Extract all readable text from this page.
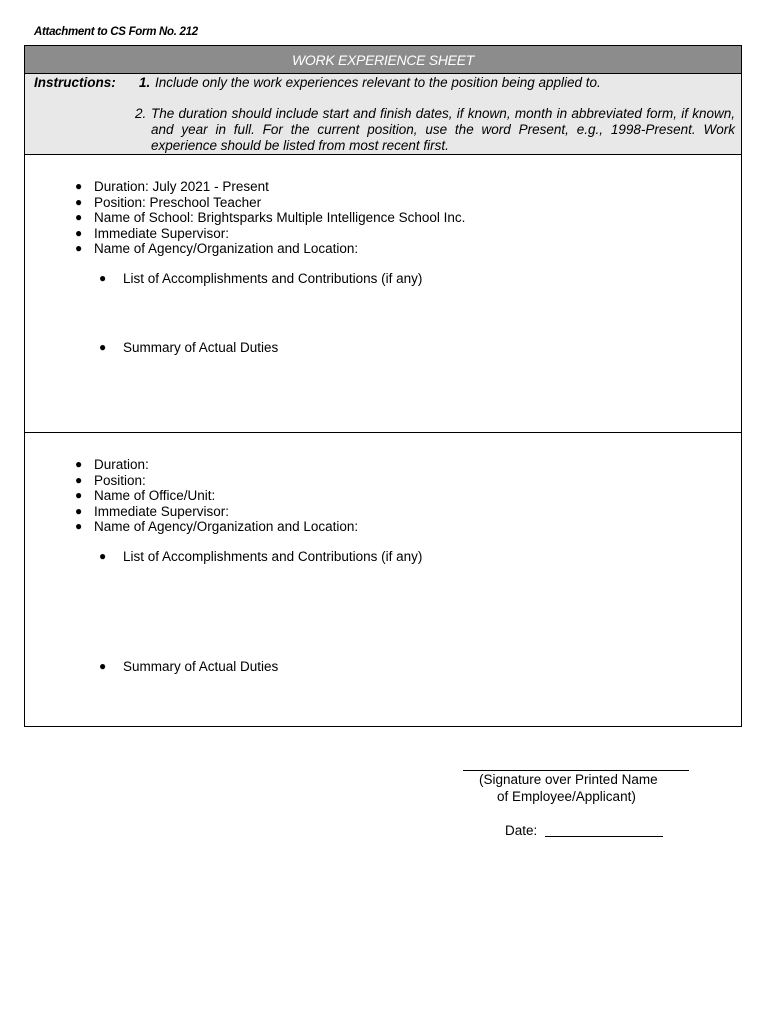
Attachment to CS Form No. 212
WORK EXPERIENCE SHEET
Instructions: 1. Include only the work experiences relevant to the position being applied to.
2. The duration should include start and finish dates, if known, month in abbreviated form, if known, and year in full. For the current position, use the word Present, e.g., 1998-Present. Work experience should be listed from most recent first.
● Duration: July 2021 - Present
● Position: Preschool Teacher
● Name of School: Brightsparks Multiple Intelligence School Inc.
● Immediate Supervisor:
● Name of Agency/Organization and Location:
● List of Accomplishments and Contributions (if any)
● Summary of Actual Duties
● Duration:
● Position:
● Name of Office/Unit:
● Immediate Supervisor:
● Name of Agency/Organization and Location:
● List of Accomplishments and Contributions (if any)
● Summary of Actual Duties
(Signature over Printed Name
of Employee/Applicant)
Date:
